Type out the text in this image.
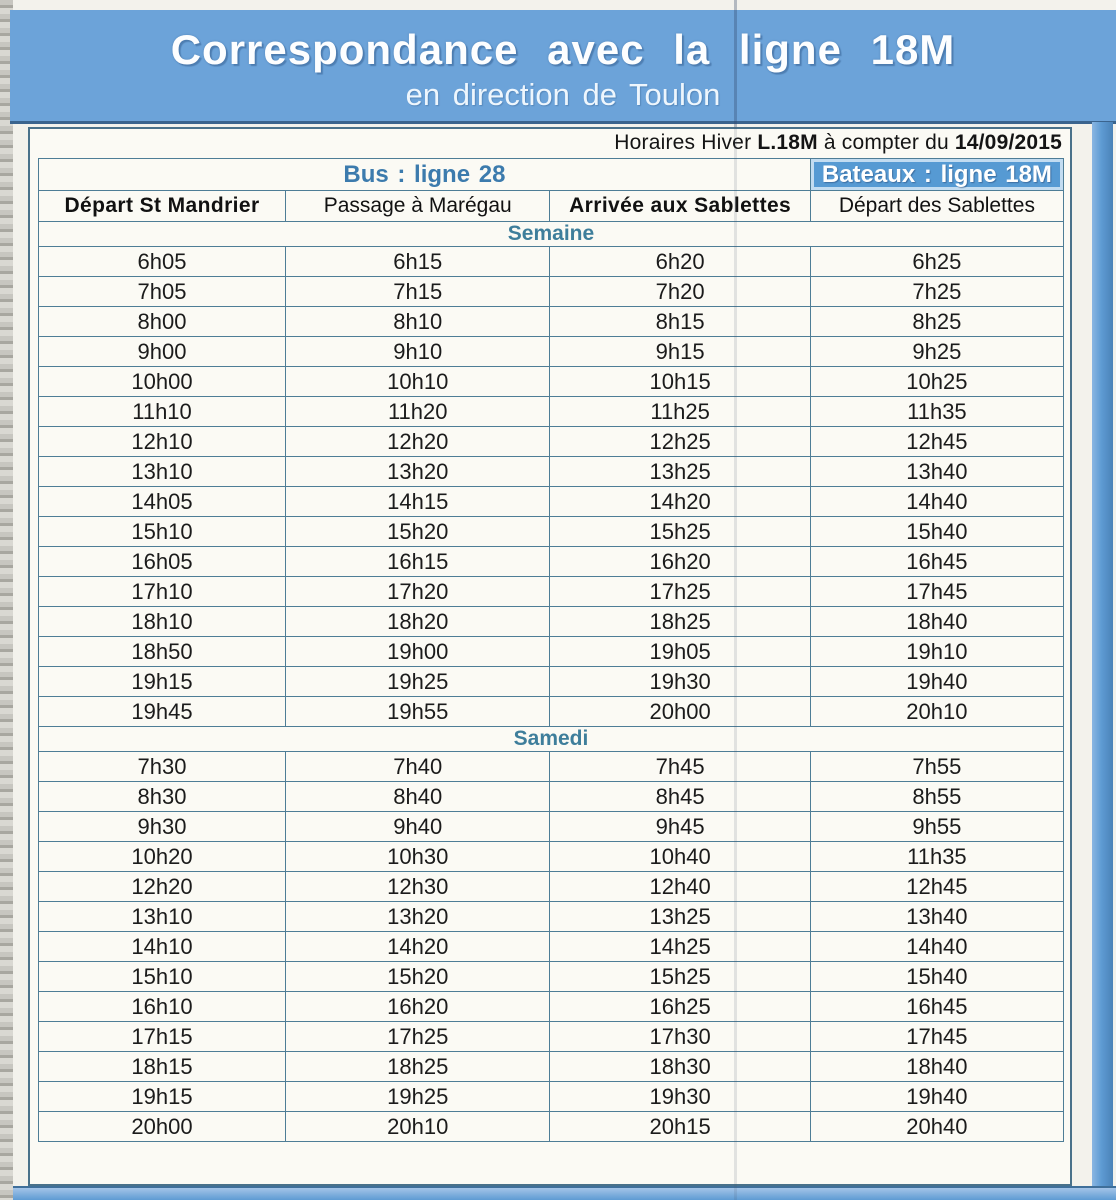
Correspondance avec la ligne 18M
en direction de Toulon
Horaires Hiver L.18M à compter du 14/09/2015
Bus : ligne 28			Bateaux : ligne 18M
Départ St Mandrier	Passage à Marégau	Arrivée aux Sablettes	Départ des Sablettes
Semaine			
6h05	6h15	6h20	6h25
7h05	7h15	7h20	7h25
8h00	8h10	8h15	8h25
9h00	9h10	9h15	9h25
10h00	10h10	10h15	10h25
11h10	11h20	11h25	11h35
12h10	12h20	12h25	12h45
13h10	13h20	13h25	13h40
14h05	14h15	14h20	14h40
15h10	15h20	15h25	15h40
16h05	16h15	16h20	16h45
17h10	17h20	17h25	17h45
18h10	18h20	18h25	18h40
18h50	19h00	19h05	19h10
19h15	19h25	19h30	19h40
19h45	19h55	20h00	20h10
Samedi			
7h30	7h40	7h45	7h55
8h30	8h40	8h45	8h55
9h30	9h40	9h45	9h55
10h20	10h30	10h40	11h35
12h20	12h30	12h40	12h45
13h10	13h20	13h25	13h40
14h10	14h20	14h25	14h40
15h10	15h20	15h25	15h40
16h10	16h20	16h25	16h45
17h15	17h25	17h30	17h45
18h15	18h25	18h30	18h40
19h15	19h25	19h30	19h40
20h00	20h10	20h15	20h40
